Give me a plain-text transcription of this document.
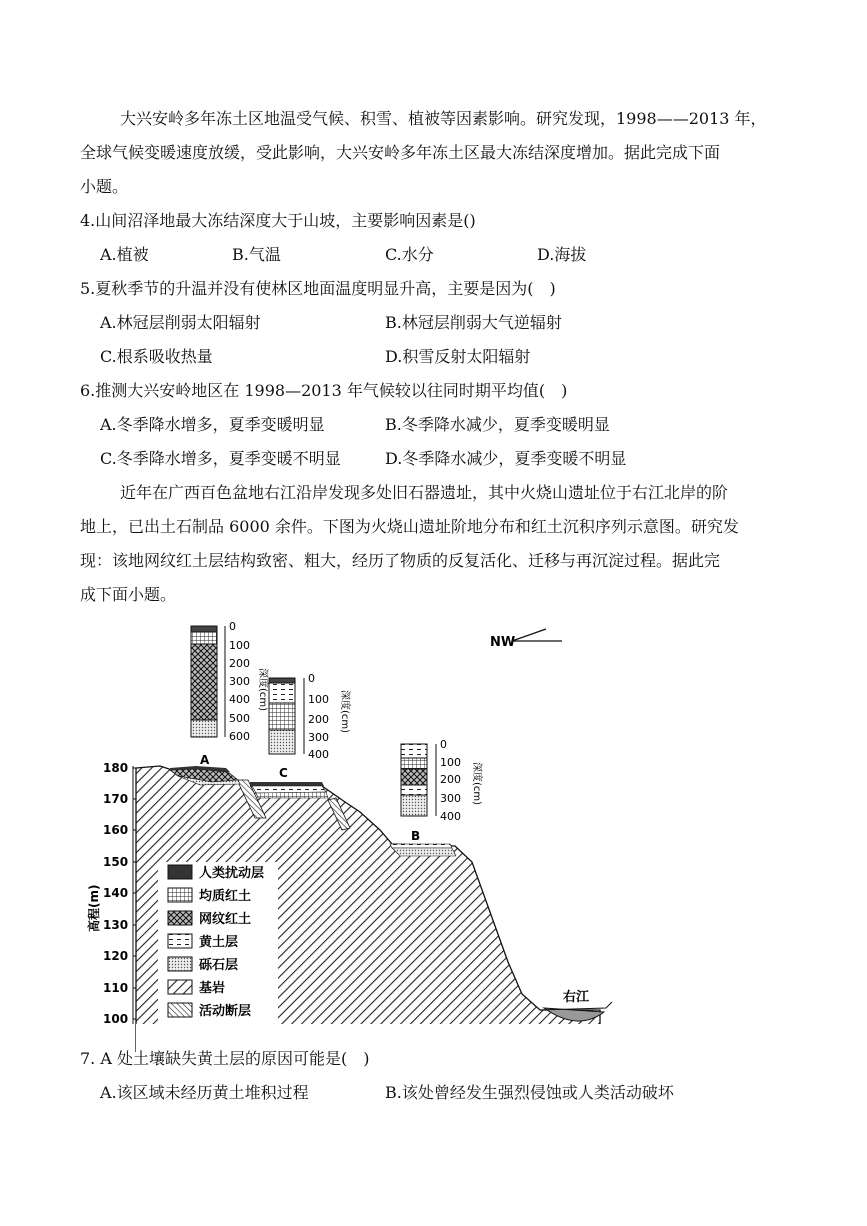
大兴安岭多年冻土区地温受气候、积雪、植被等因素影响。研究发现，1998——2013 年，
全球气候变暖速度放缓，受此影响，大兴安岭多年冻土区最大冻结深度增加。据此完成下面
小题。
4.山间沼泽地最大冻结深度大于山坡，主要影响因素是()
A.植被	B.气温	C.水分	D.海拔
5.夏秋季节的升温并没有使林区地面温度明显升高，主要是因为(　)
A.林冠层削弱太阳辐射	B.林冠层削弱大气逆辐射
C.根系吸收热量	D.积雪反射太阳辐射
6.推测大兴安岭地区在 1998—2013 年气候较以往同时期平均值(　)
A.冬季降水增多，夏季变暖明显	B.冬季降水减少，夏季变暖明显
C.冬季降水增多，夏季变暖不明显	D.冬季降水减少，夏季变暖不明显
近年在广西百色盆地右江沿岸发现多处旧石器遗址，其中火烧山遗址位于右江北岸的阶
地上，已出土石制品 6000 余件。下图为火烧山遗址阶地分布和红土沉积序列示意图。研究发
现：该地网纹红土层结构致密、粗大，经历了物质的反复活化、迁移与再沉淀过程。据此完
成下面小题。
NW
0
100
200
300
400
500
600
深度(cm)	0
100
200
300
400
深度(cm)
0
100
200
300
400
深度(cm)
180
170
160
150
140
130
120
110
100
高程(m)
A
C
B
右江
人类扰动层
均质红土
网纹红土
黄土层
砾石层
基岩
活动断层
7. A 处土壤缺失黄土层的原因可能是(　)
A.该区域未经历黄土堆积过程	B.该处曾经发生强烈侵蚀或人类活动破坏
